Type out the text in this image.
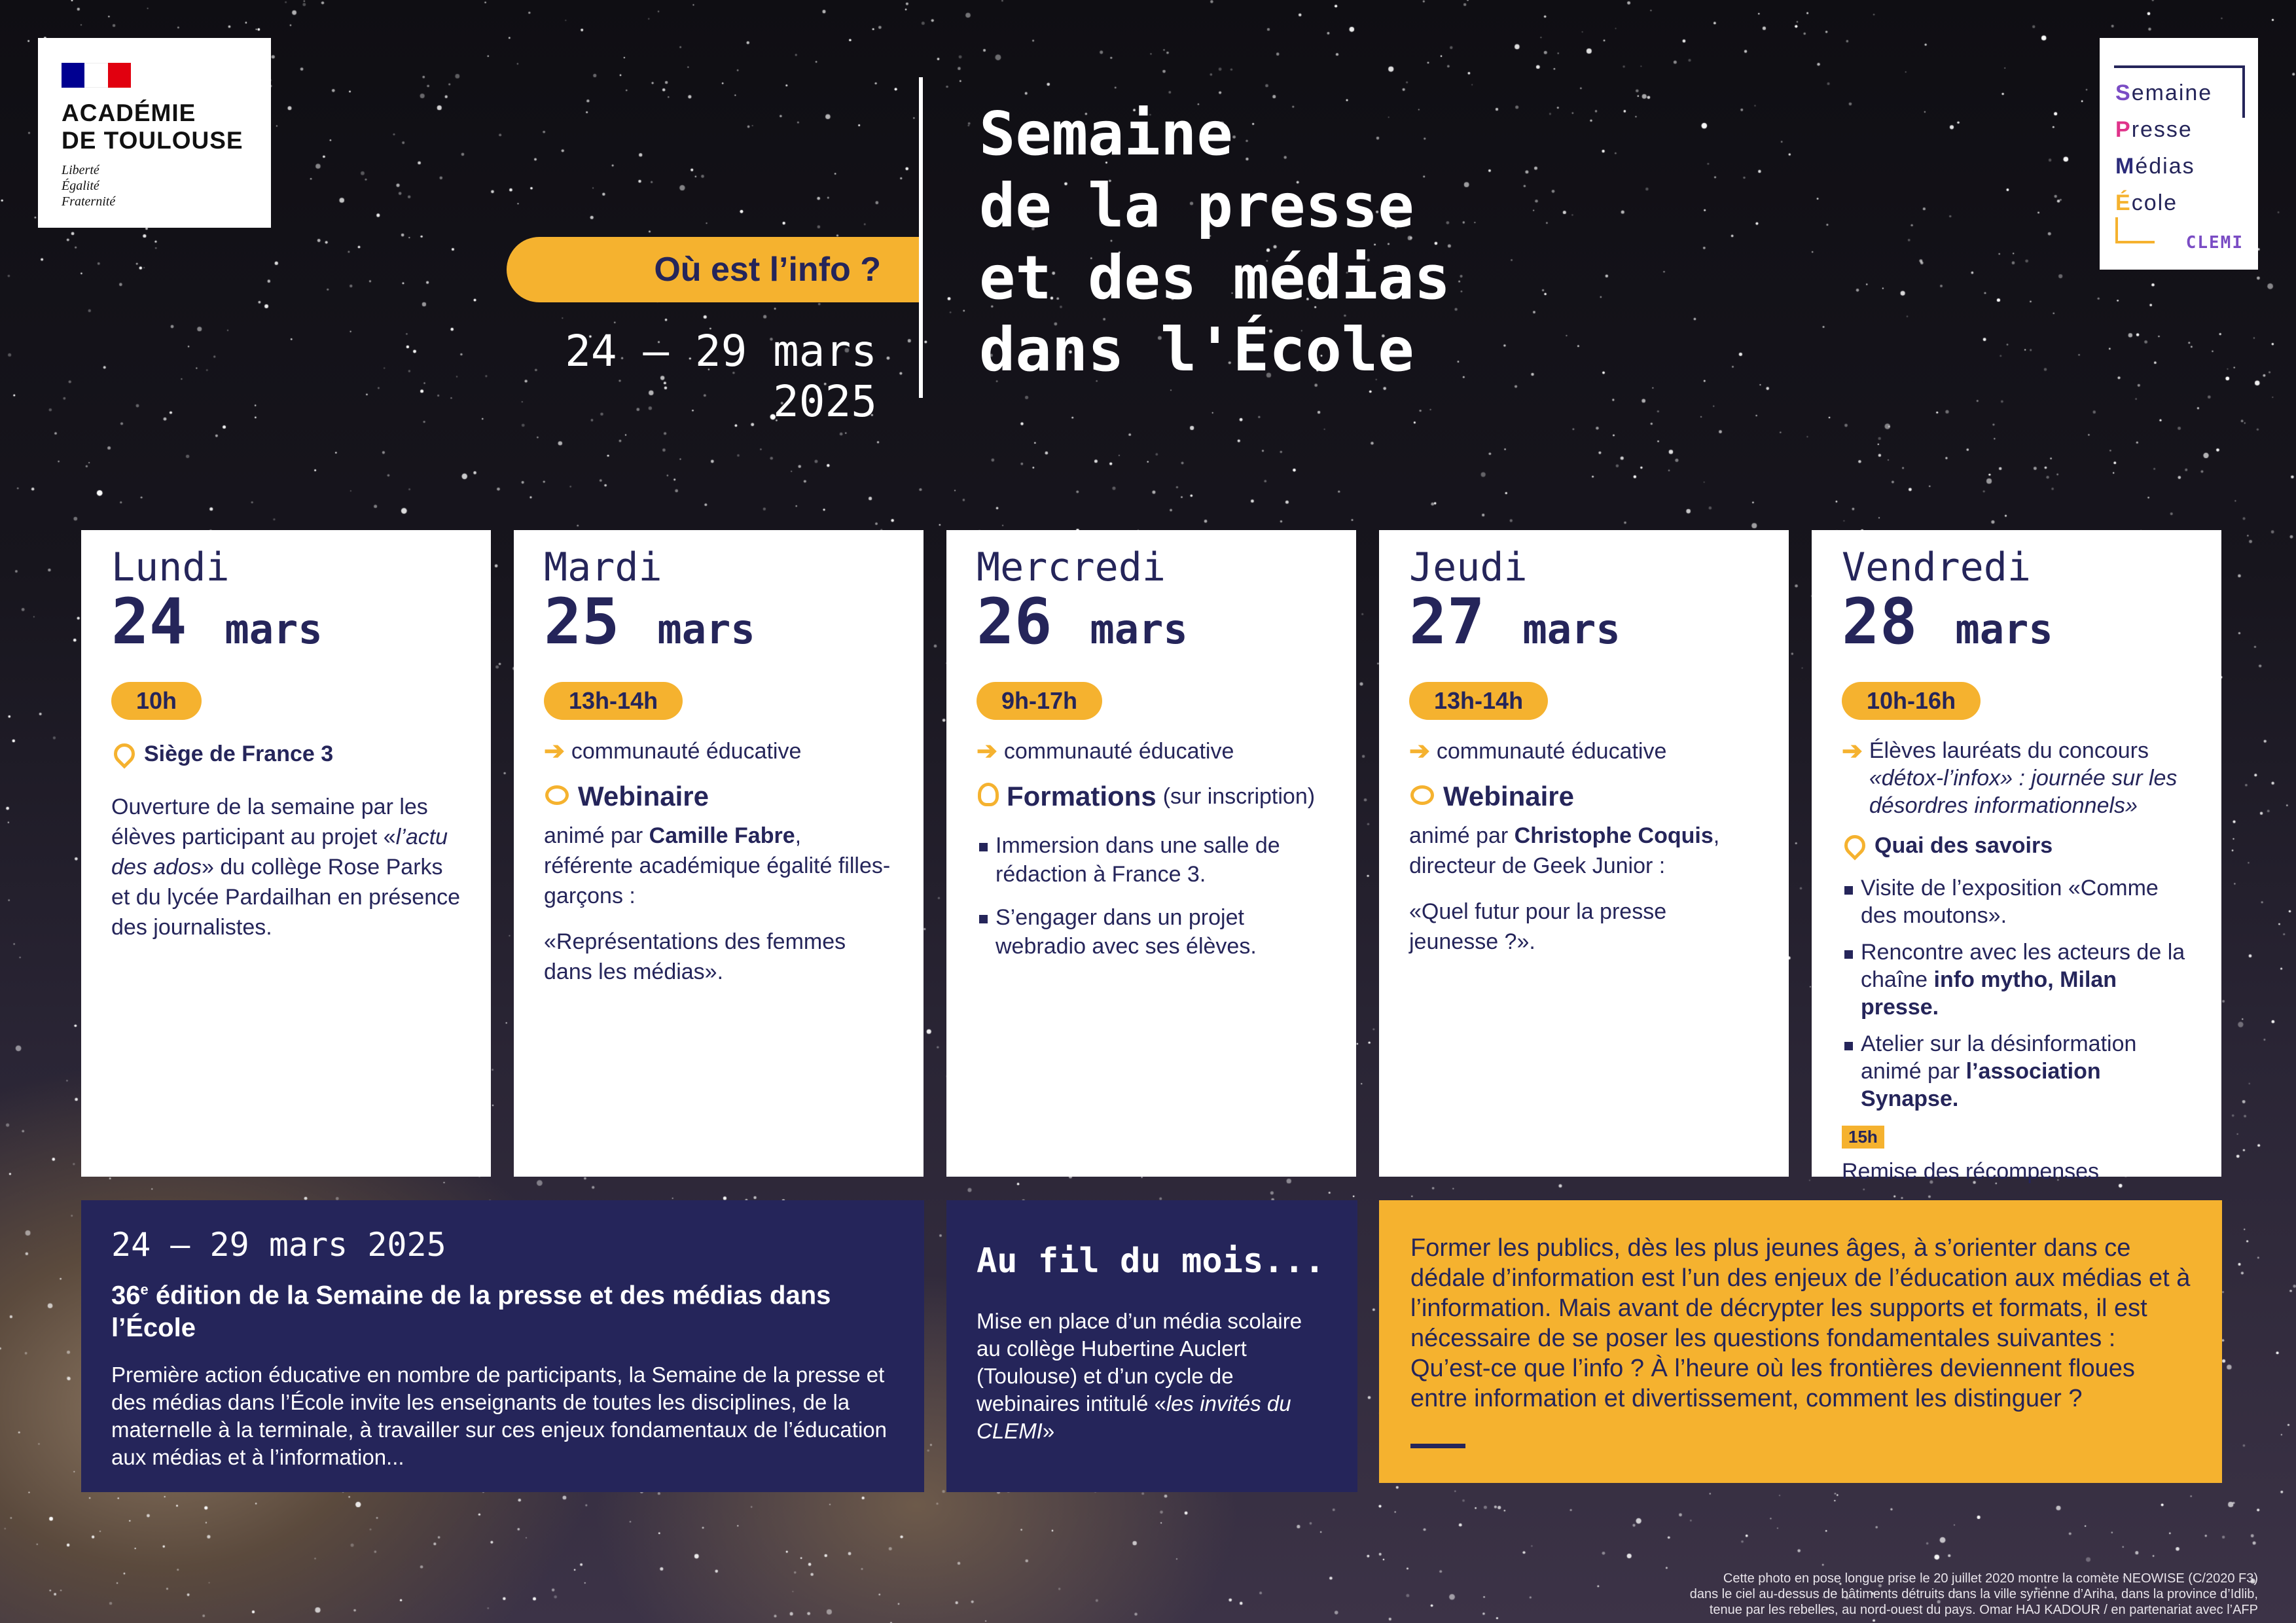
ACADÉMIE
DE TOULOUSE
Liberté
Égalité
Fraternité
Semaine
Presse
Médias
École
CLEMI
Où est l’info ?
24 — 29 mars 2025
Semaine
de la presse
et des médias
dans l'École
Lundi
24 mars
10h
Siège de France 3
Ouverture de la semaine par les élèves participant au projet «l’actu des ados» du collège Rose Parks et du lycée Pardailhan en présence des journalistes.
Mardi
25 mars
13h-14h
➔ communauté éducative
Webinaire
animé par Camille Fabre, référente académique égalité filles-garçons :
«Représentations des femmes dans les médias».
Mercredi
26 mars
9h-17h
➔ communauté éducative
Formations (sur inscription)
Immersion dans une salle de rédaction à France 3.
S’engager dans un projet webradio avec ses élèves.
Jeudi
27 mars
13h-14h
➔ communauté éducative
Webinaire
animé par Christophe Coquis, directeur de Geek Junior :
«Quel futur pour la presse jeunesse ?».
Vendredi
28 mars
10h-16h
➔ Élèves lauréats du concours
«détox-l’infox» : journée sur les désordres informationnels»
Quai des savoirs
Visite de l’exposition «Comme des moutons».
Rencontre avec les acteurs de la chaîne info mytho, Milan presse.
Atelier sur la désinformation animé par l’association Synapse.
15h
Remise des récompenses
24 — 29 mars 2025
36e édition de la Semaine de la presse et des médias dans l’École
Première action éducative en nombre de participants, la Semaine de la presse et des médias dans l’École invite les enseignants de toutes les disciplines, de la maternelle à la terminale, à travailler sur ces enjeux fondamentaux de l’éducation aux médias et à l’information...
Au fil du mois...
Mise en place d’un média scolaire au collège Hubertine Auclert (Toulouse) et d’un cycle de webinaires intitulé «les invités du CLEMI»
Former les publics, dès les plus jeunes âges, à s’orienter dans ce dédale d’information est l’un des enjeux de l’éducation aux médias et à l’information. Mais avant de décrypter les supports et formats, il est nécessaire de se poser les questions fondamentales suivantes : Qu’est-ce que l’info ? À l’heure où les frontières deviennent floues entre information et divertissement, comment les distinguer ?
Cette photo en pose longue prise le 20 juillet 2020 montre la comète NEOWISE (C/2020 F3)
dans le ciel au-dessus de bâtiments détruits dans la ville syrienne d’Ariha, dans la province d’Idlib,
tenue par les rebelles, au nord-ouest du pays. Omar HAJ KADOUR / en partenariat avec l’AFP
